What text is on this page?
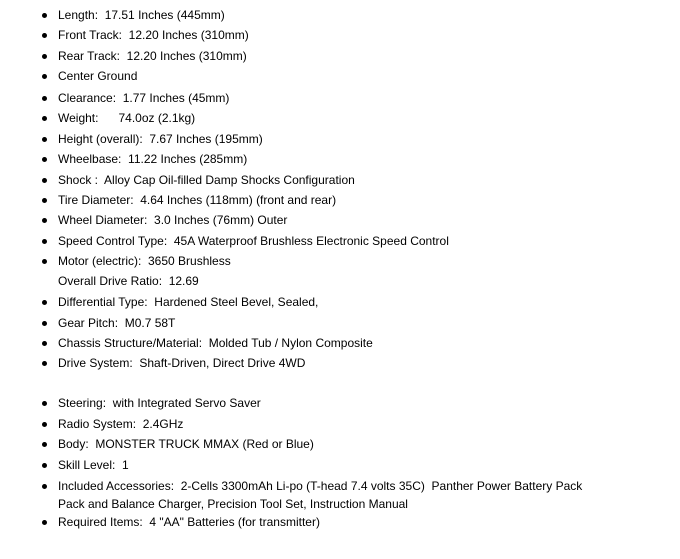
Length:  17.51 Inches (445mm)
Front Track:  12.20 Inches (310mm)
Rear Track:  12.20 Inches (310mm)
Center Ground
Clearance:  1.77 Inches (45mm)
Weight:      74.0oz (2.1kg)
Height (overall):  7.67 Inches (195mm)
Wheelbase:  11.22 Inches (285mm)
Shock :  Alloy Cap Oil-filled Damp Shocks Configuration
Tire Diameter:  4.64 Inches (118mm) (front and rear)
Wheel Diameter:  3.0 Inches (76mm) Outer
Speed Control Type:  45A Waterproof Brushless Electronic Speed Control
Motor (electric):  3650 Brushless
Overall Drive Ratio:  12.69
Differential Type:  Hardened Steel Bevel, Sealed,
Gear Pitch:  M0.7 58T
Chassis Structure/Material:  Molded Tub / Nylon Composite
Drive System:  Shaft-Driven, Direct Drive 4WD
Steering:  with Integrated Servo Saver
Radio System:  2.4GHz
Body:  MONSTER TRUCK MMAX (Red or Blue)
Skill Level:  1
Included Accessories:  2-Cells 3300mAh Li-po (T-head 7.4 volts 35C)  Panther Power Battery Pack
Pack and Balance Charger, Precision Tool Set, Instruction Manual
Required Items:  4 "AA" Batteries (for transmitter)
